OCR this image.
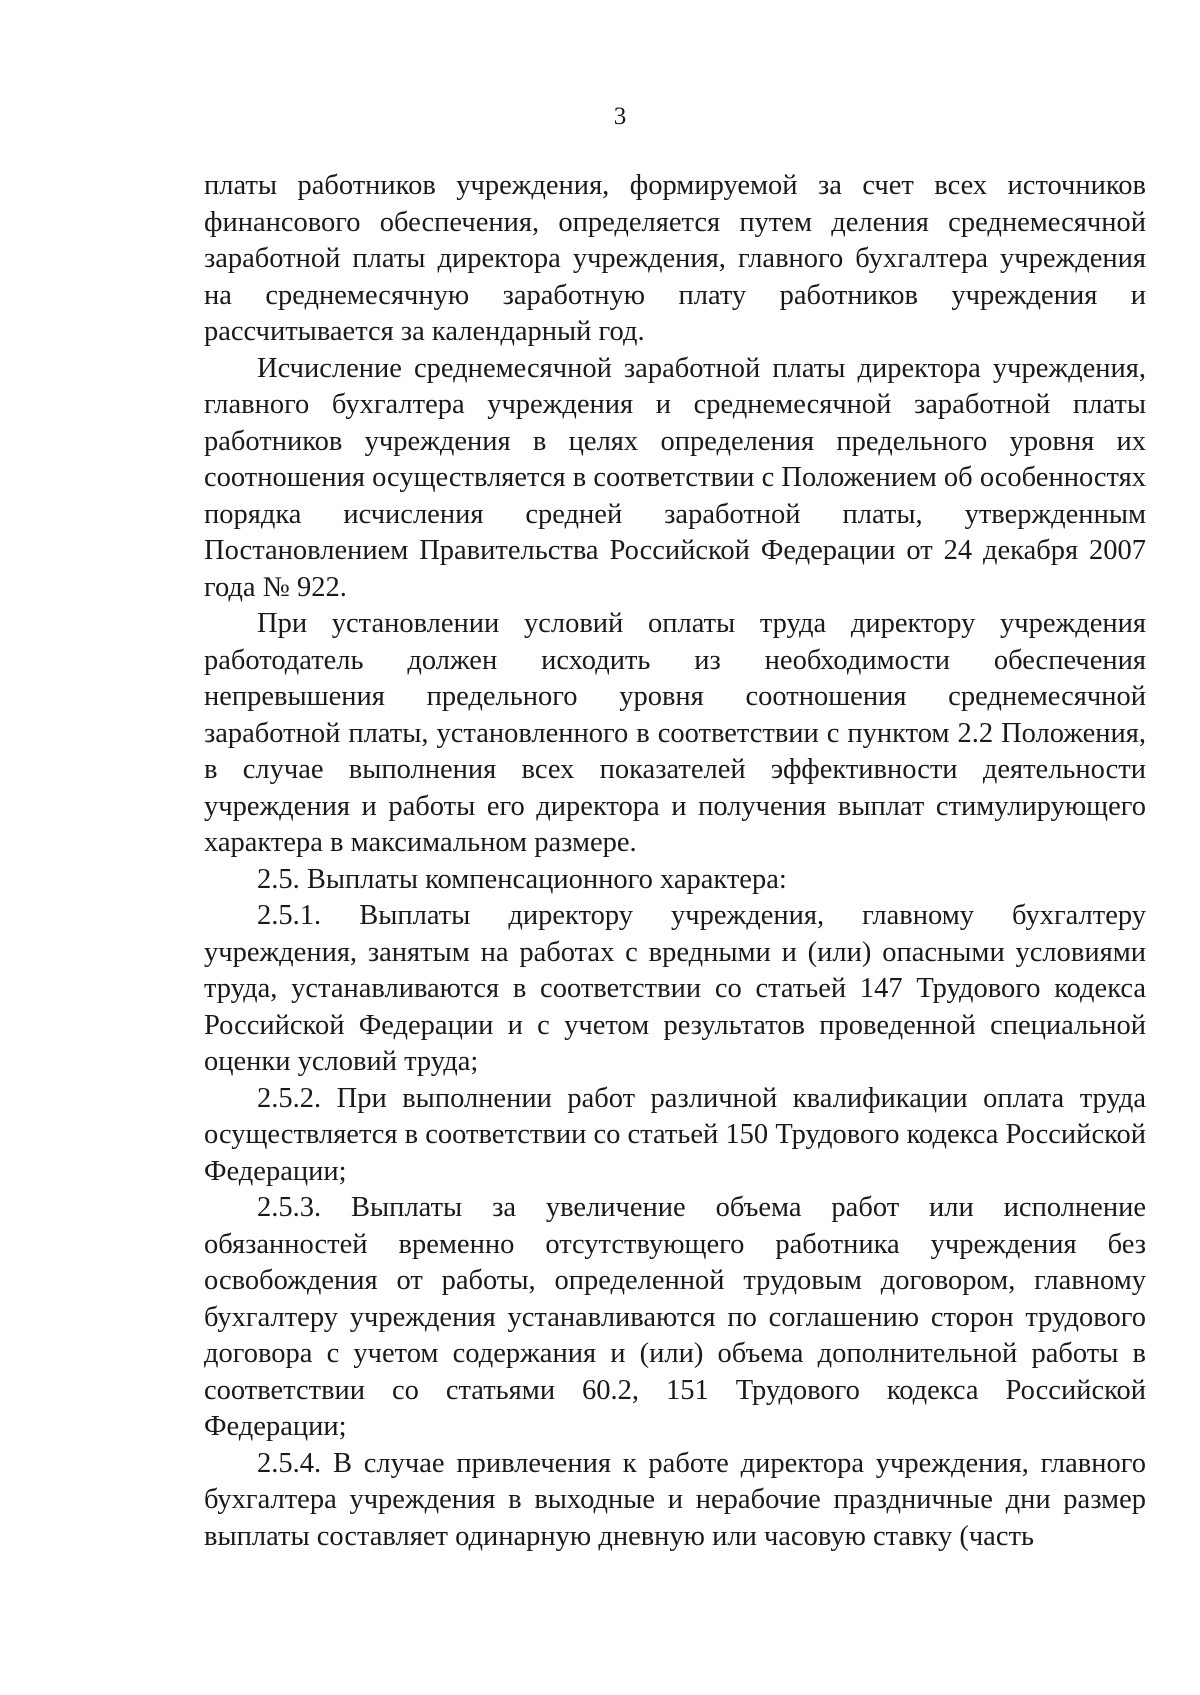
3

платы работников учреждения, формируемой за счет всех источников финансового обеспечения, определяется путем деления среднемесячной заработной платы директора учреждения, главного бухгалтера учреждения на среднемесячную заработную плату работников учреждения и рассчитывается за календарный год.

Исчисление среднемесячной заработной платы директора учреждения, главного бухгалтера учреждения и среднемесячной заработной платы работников учреждения в целях определения предельного уровня их соотношения осуществляется в соответствии с Положением об особенностях порядка исчисления средней заработной платы, утвержденным Постановлением Правительства Российской Федерации от 24 декабря 2007 года № 922.

При установлении условий оплаты труда директору учреждения работодатель должен исходить из необходимости обеспечения непревышения предельного уровня соотношения среднемесячной заработной платы, установленного в соответствии с пунктом 2.2 Положения, в случае выполнения всех показателей эффективности деятельности учреждения и работы его директора и получения выплат стимулирующего характера в максимальном размере.

2.5. Выплаты компенсационного характера:

2.5.1. Выплаты директору учреждения, главному бухгалтеру учреждения, занятым на работах с вредными и (или) опасными условиями труда, устанавливаются в соответствии со статьей 147 Трудового кодекса Российской Федерации и с учетом результатов проведенной специальной оценки условий труда;

2.5.2. При выполнении работ различной квалификации оплата труда осуществляется в соответствии со статьей 150 Трудового кодекса Российской Федерации;

2.5.3. Выплаты за увеличение объема работ или исполнение обязанностей временно отсутствующего работника учреждения без освобождения от работы, определенной трудовым договором, главному бухгалтеру учреждения устанавливаются по соглашению сторон трудового договора с учетом содержания и (или) объема дополнительной работы в соответствии со статьями 60.2, 151 Трудового кодекса Российской Федерации;

2.5.4. В случае привлечения к работе директора учреждения, главного бухгалтера учреждения в выходные и нерабочие праздничные дни размер выплаты составляет одинарную дневную или часовую ставку (часть
